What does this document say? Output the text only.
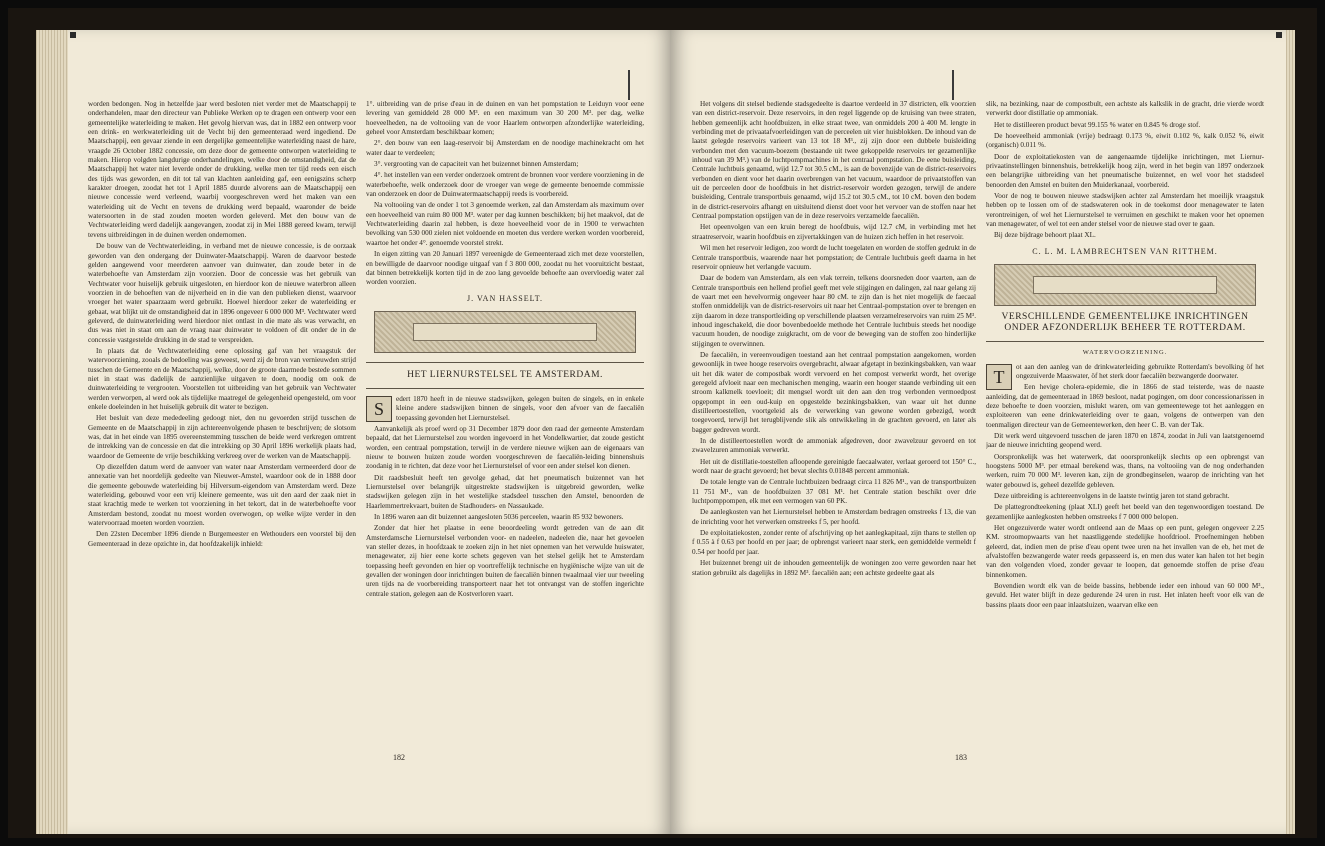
worden bedongen. Nog in hetzelfde jaar werd besloten niet verder met de Maatschappij te onderhandelen, maar den directeur van Publieke Werken op te dragen een ontwerp voor een gemeentelijke waterleiding te maken. Het gevolg hiervan was, dat in 1882 een ontwerp voor een drink- en werkwaterleiding uit de Vecht bij den gemeenteraad werd ingediend. De Maatschappij, een gevaar ziende in een dergelijke gemeentelijke waterleiding naast de hare, vraagde 26 October 1882 concessie, om deze door de gemeente ontworpen waterleiding te maken. Hierop volgden langdurige onderhandelingen, welke door de omstandigheid, dat de Maatschappij het water niet leverde onder de drukking, welke men ter tijd reeds een eisch des tijds was geworden, en dit tot tal van klachten aanleiding gaf, een eenigszins scherp karakter droegen, zoodat het tot 1 April 1885 duurde alvorens aan de Maatschappij een nieuwe concessie werd verleend, waarbij voorgeschreven werd het maken van een waterleiding uit de Vecht en tevens de drukking werd bepaald, waaronder de beide watersoorten in de stad zouden moeten worden geleverd. Met den bouw van de Vechtwaterleiding werd dadelijk aangevangen, zoodat zij in Mei 1888 gereed kwam, terwijl tevens uitbreidingen in de duinen werden ondernomen.

De bouw van de Vechtwaterleiding, in verband met de nieuwe concessie, is de oorzaak geworden van den ondergang der Duinwater-Maatschappij. Waren de daarvoor bestede gelden aangewend voor meerderen aanvoer van duinwater, dan zoude beter in de waterbehoefte van Amsterdam zijn voorzien. Door de concessie was het gebruik van Vechtwater voor huiselijk gebruik uitgesloten, en hierdoor kon de nieuwe waterbron alleen voorzien in de behoeften van de nijverheid en in die van den publieken dienst, waarvoor vroeger het water spaarzaam werd gebruikt. Hoewel hierdoor zeker de waterleiding er gebaat, wat blijkt uit de omstandigheid dat in 1896 ongeveer 6 000 000 M³. Vechtwater werd geleverd, de duinwaterleiding werd hierdoor niet ontlast in die mate als was verwacht, en dus was niet in staat om aan de vraag naar duinwater te voldoen of dit onder de in de concessie vastgestelde drukking in de stad te verspreiden.

In plaats dat de Vechtwaterleiding eene oplossing gaf van het vraagstuk der watervoorziening, zooals de bedoeling was geweest, werd zij de bron van vernieuwden strijd tusschen de Gemeente en de Maatschappij, welke, door de groote daarmede bestede sommen niet in staat was dadelijk de aanzienlijke uitgaven te doen, noodig om ook de duinwaterleiding te vergrooten. Voorstellen tot uitbreiding van het gebruik van Vechtwater werden verworpen, al werd ook als tijdelijke maatregel de gelegenheid opengesteld, om voor enkele doeleinden in het huiselijk gebruik dit water te bezigen.

Het besluit van deze mededeeling gedoogt niet, den nu gevoerden strijd tusschen de Gemeente en de Maatschappij in zijn achtereenvolgende phasen te beschrijven; de slotsom was, dat in het einde van 1895 overeenstemming tusschen de beide werd verkregen omtrent de intrekking van de concessie en dat die intrekking op 30 April 1896 werkelijk plaats had, waardoor de Gemeente de vrije beschikking verkreeg over de werken van de Maatschappij.

Op diezelfden datum werd de aanvoer van water naar Amsterdam vermeerderd door de annexatie van het noordelijk gedeelte van Nieuwer-Amstel, waardoor ook de in 1888 door die gemeente gebouwde waterleiding bij Hilversum-eigendom van Amsterdam werd. Deze waterleiding, gebouwd voor een vrij kleinere gemeente, was uit den aard der zaak niet in staat krachtig mede te werken tot voorziening in het tekort, dat in de waterbehoefte voor Amsterdam bestond, zoodat nu moest worden overwogen, op welke wijze verder in den watervoorraad moeten worden voorzien.

Den 22sten December 1896 diende n Burgemeester en Wethouders een voorstel bij den Gemeenteraad in deze opzichte in, dat hoofdzakelijk inhield:

1°. uitbreiding van de prise d'eau in de duinen en van het pompstation te Leiduyn voor eene levering van gemiddeld 28 000 M³. en een maximum van 30 200 M³. per dag, welke hoeveelheden, na de voltooiing van de voor Haarlem ontworpen afzonderlijke waterleiding, geheel voor Amsterdam beschikbaar komen;

2°. den bouw van een laag-reservoir bij Amsterdam en de noodige machinekracht om het water daar te verdeelen;

3°. vergrooting van de capaciteit van het buizennet binnen Amsterdam;

4°. het instellen van een verder onderzoek omtrent de bronnen voor verdere voorziening in de waterbehoefte, welk onderzoek door de vroeger van wege de gemeente benoemde commissie van onderzoek en door de Duinwatermaatschappij reeds is voorbereid.

Na voltooiing van de onder 1 tot 3 genoemde werken, zal dan Amsterdam als maximum over een hoeveelheid van ruim 80 000 M³. water per dag kunnen beschikken; bij het maakvol, dat de Vechtwaterleiding daarin zal hebben, is deze hoeveelheid voor de in 1900 te verwachten bevolking van 530 000 zielen niet voldoende en moeten dus verdere werken worden voorbereid, waartoe het onder 4°. genoemde voorstel strekt.

In eigen zitting van 20 Januari 1897 vereenigde de Gemeenteraad zich met deze voorstellen, en bewilligde de daarvoor noodige uitgaaf van f 3 800 000, zoodat nu het vooruitzicht bestaat, dat binnen betrekkelijk korten tijd in de zoo lang gevoelde behoefte aan overvloedig water zal worden voorzien.

J. VAN HASSELT.
HET LIERNURSTELSEL TE AMSTERDAM.
S	edert 1870 heeft in de nieuwe stadswijken, gelegen buiten de singels, en in enkele kleine andere stadswijken binnen de singels, voor den afvoer van de faecaliën toepassing gevonden het Liernurstelsel.

Aanvankelijk als proef werd op 31 December 1879 door den raad der gemeente Amsterdam bepaald, dat het Liernurstelsel zou worden ingevoerd in het Vondelkwartier, dat zoude gesticht worden, een centraal pompstation, terwijl in de verdere nieuwe wijken aan de eigenaars van nieuw te bouwen huizen zoude worden voorgeschreven de faecaliën-leiding binnenshuis zoodanig in te richten, dat deze voor het Liernurstelsel of voor een ander stelsel kon dienen.

Dit raadsbesluit heeft ten gevolge gehad, dat het pneumatisch buizennet van het Liernurstelsel over belangrijk uitgestrekte stadswijken is uitgebreid geworden, welke stadswijken gelegen zijn in het westelijke stadsdeel tusschen den Amstel, benoorden de Haarlemmertrekvaart, buiten de Stadhouders- en Nassaukade.

In 1896 waren aan dit buizennet aangesloten 5036 perceelen, waarin 85 932 bewoners.

Zonder dat hier het plaatse in eene beoordeeling wordt getreden van de aan dit Amsterdamsche Liernurstelsel verbonden voor- en nadeelen, nadeelen die, naar het gevoelen van steller dezes, in hoofdzaak te zoeken zijn in het niet opnemen van het verwulde huiswater, menagewater, zij hier eene korte schets gegeven van het stelsel gelijk het te Amsterdam toepassing heeft gevonden en hier op voortreffelijk technische en hygiënische wijze van uit de gevallen der woningen door inrichtingen buiten de faecaliën binnen twaalmaal vier uur tweeling uren tijds na de voorbereiding transporteert naar het tot ontvangst van de stoffen ingerichte centrale station, gelegen aan de Kostverloren vaart.

182

Het volgens dit stelsel bediende stadsgedeelte is daartoe verdeeld in 37 districten, elk voorzien van een district-reservoir. Deze reservoirs, in den regel liggende op de kruising van twee straten, hebben gemeenlijk acht hoofdbuizen, in elke straat twee, van onmiddels 200 à 400 M. lengte in verbinding met de privaatafvoerleidingen van de perceelen uit vier huisblokken. De inhoud van de laatst gelegde reservoirs varieert van 13 tot 18 M³., zij zijn door een dubbele buisleiding verbonden met den vacuum-boezem (bestaande uit twee gekoppelde reservoirs ter gezamenlijke inhoud van 39 M³.) van de luchtpompmachines in het centraal pompstation. De eene buisleiding, Centrale luchtbuis genaamd, wijd 12.7 tot 30.5 cM., is aan de bovenzijde van de district-reservoirs verbonden en dient voor het daarin overbrengen van het vacuum, waardoor de privaatstoffen van uit de perceelen door de hoofdbuis in het district-reservoir worden gezogen, terwijl de andere buisleiding, Centrale transportbuis genaamd, wijd 15.2 tot 30.5 cM., tot 10 cM. boven den bodem in de district-reservoirs afhangt en uitsluitend dienst doet voor het vervoer van de stoffen naar het Centraal pompstation opstijgen van de in deze reservoirs verzamelde faecaliën.

Het opeenvolgen van een kruin beregt de hoofdbuis, wijd 12.7 cM, in verbinding met het straatreservoir, waarin hoofdbuis en zijvertakkingen van de huizen zich heffen in het reservoir.

Wil men het reservoir ledigen, zoo wordt de lucht toegelaten en worden de stoffen gedrukt in de Centrale transportbuis, waarende naar het pompstation; de Centrale luchtbuis geeft daarna in het reservoir opnieuw het verlangde vacuum.

Daar de bodem van Amsterdam, als een vlak terrein, telkens doorsneden door vaarten, aan de Centrale transportbuis een hellend profiel geeft met vele stijgingen en dalingen, zal naar gelang zij de vaart met een hevelvormig ongeveer haar 80 cM. te zijn dan is het niet mogelijk de faecaal stoffen onmiddelijk van de district-reservoirs uit naar het Centraal-pompstation over te brengen en zijn daarom in deze transportleiding op verschillende plaatsen verzamelreservoirs van ruim 25 M³. inhoud ingeschakeld, die door bovenbedoelde methode het Centrale luchtbuis steeds het noodige vacuum houden, de noodige zuigkracht, om de voor de beweging van de stoffen zoo hinderlijke stijgingen te overwinnen.

De faecaliën, in vereenvoudigen toestand aan het centraal pompstation aangekomen, worden gewoonlijk in twee hooge reservoirs overgebracht, alwaar afgetapt in bezinkingsbakken, van waar uit het dik water de compostbak wordt vervoerd en het compost verwerkt wordt, het overige geregeld afvloeit naar een mechanischen menging, waarin een hooger staande verbinding uit een stroom kalkmelk toevloeit; dit mengsel wordt uit den aan den trog verbonden vermoedpost opgepompt in een oud-kuip en opgestelde bezinkingsbakken, van waar uit het dunne distilleertoestellen, voortgeleid als de verwerking van gewone worden gebezigd, wordt toegevoerd, terwijl het terugblijvende slik als ontwikkeling in de grachten gevoerd, en later als bagger gedreven wordt.

In de distilleertoestellen wordt de ammoniak afgedreven, door zwavelzuur gevoerd en tot zwavelzuren ammoniak verwerkt.

Het uit de distillatie-toestellen afloopende gereinigde faecaalwater, verlaat geroerd tot 150° C., wordt naar de gracht gevoerd; het bevat slechts 0.01848 percent ammoniak.

De totale lengte van de Centrale luchtbuizen bedraagt circa 11 826 M¹., van de transportbuizen 11 751 M¹., van de hoofdbuizen 37 081 M¹. het Centrale station beschikt over drie luchtpomppompen, elk met een vermogen van 60 PK.

De aanlegkosten van het Liernurstelsel hebben te Amsterdam bedragen omstreeks f 13, die van de inrichting voor het verwerken omstreeks f 5, per hoofd.

De exploitatiekosten, zonder rente of afschrijving op het aanlegkapitaal, zijn thans te stellen op f 0.55 à f 0.63 per hoofd en per jaar; de opbrengst varieert naar sterk, een gemiddelde vermeldt f 0.54 per hoofd per jaar.

Het buizennet brengt uit de inhouden gemeentelijk de woningen zoo verre geworden naar het station gebruikt als dagelijks in 1892 M³. faecaliën aan; een achtste gedeelte gaat als

slik, na bezinking, naar de compostbult, een achtste als kalkslik in de gracht, drie vierde wordt verwerkt door distillatie op ammoniak.

Het te distilleeren product bevat 99.155 % water en 0.845 % droge stof.

De hoeveelheid ammoniak (vrije) bedraagt 0.173 %, eiwit 0.102 %, kalk 0.052 %, eiwit (organisch) 0.011 %.

Door de exploitatiekosten van de aangenaamde tijdelijke inrichtingen, met Liernur-privaatinstellingen binnenshuis, betrekkelijk hoog zijn, werd in het begin van 1897 onderzoek een belangrijke uitbreiding van het pneumatische buizennet, en wel voor het stadsdeel benoorden den Amstel en buiten den Muiderkanaal, voorbereid.

Voor de nog te bouwen nieuwe stadswijken achter zal Amsterdam het moeilijk vraagstuk hebben op te lossen om of de stadswateren ook in de toekomst door menagewater te laten verontreinigen, of wel het Liernurstelsel te verruimen en geschikt te maken voor het opnemen van menagewater, of wel tot een ander stelsel voor de nieuwe stad over te gaan.

Bij deze bijdrage behoort plaat XL.

C. L. M. LAMBRECHTSEN VAN RITTHEM.
VERSCHILLENDE GEMEENTELIJKE INRICHTINGEN ONDER AFZONDERLIJK BEHEER TE ROTTERDAM.
WATERVOORZIENING.
T	ot aan den aanleg van de drinkwaterleiding gebruikte Rotterdam's bevolking öf het ongezuiverde Maaswater, öf het sterk door faecaliën bezwangerde doorwater.

Een hevige cholera-epidemie, die in 1866 de stad teisterde, was de naaste aanleiding, dat de gemeenteraad in 1869 besloot, nadat pogingen, om door concessionarissen in deze behoefte te doen voorzien, mislukt waren, om van gemeentewege tot het aanleggen en exploiteeren van eene drinkwaterleiding over te gaan, volgens de ontwerpen van den toenmaligen directeur van de Gemeentewerken, den heer C. B. van der Tak.

Dit werk werd uitgevoerd tusschen de jaren 1870 en 1874, zoodat in Juli van laatstgenoemd jaar de nieuwe inrichting geopend werd.

Oorspronkelijk was het waterwerk, dat ooorspronkelijk slechts op een opbrengst van hoogstens 5000 M³. per etmaal berekend was, thans, na voltooiing van de nog onderhanden werken, ruim 70 000 M³. leveren kan, zijn de grondbeginselen, waarop de inrichting van het water gebouwd is, geheel dezelfde gebleven.

Deze uitbreiding is achtereenvolgens in de laatste twintig jaren tot stand gebracht.

De plattegrondteekening (plaat XLI) geeft het beeld van den tegenwoordigen toestand. De gezamenlijke aanlegkosten hebben omstreeks f 7 000 000 belopen.

Het ongezuiverde water wordt ontleend aan de Maas op een punt, gelegen ongeveer 2.25 KM. stroomopwaarts van het naastliggende stedelijke hoofdriool. Proefnemingen hebben geleerd, dat, indien men de prise d'eau opent twee uren na het invallen van de eb, het met de afvalstoffen bezwangerde water reeds gepasseerd is, en men dus water kan halen tot het begin van den volgenden vloed, zonder gevaar te loopen, dat genoemde stoffen de prise d'eau binnenkomen.

Bovendien wordt elk van de beide bassins, hebbende ieder een inhoud van 60 000 M³., gevuld. Het water blijft in deze gedurende 24 uren in rust. Het inlaten heeft voor elk van de bassins plaats door een paar inlaatsluizen, waarvan elke een

183
